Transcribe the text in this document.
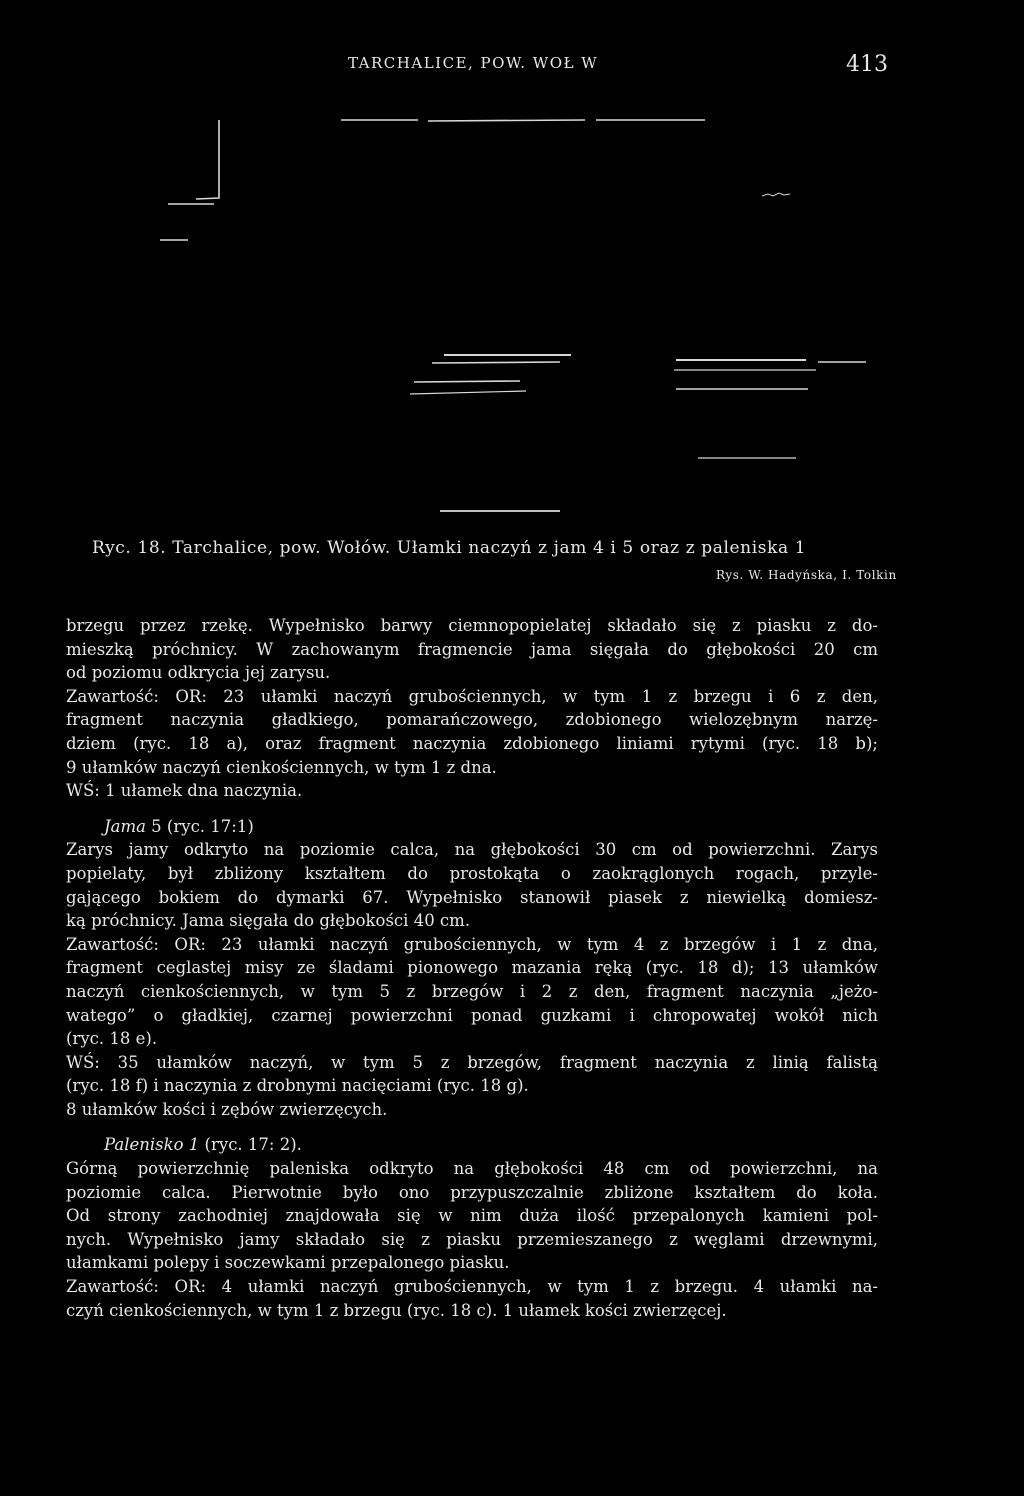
TARCHALICE, POW. WOŁ W	413
Ryc. 18. Tarchalice, pow. Wołów. Ułamki naczyń z jam 4 i 5 oraz z paleniska 1
Rys. W. Hadyńska, I. Tolkin
brzegu przez rzekę. Wypełnisko barwy ciemnopopielatej składało się z piasku z do-
mieszką próchnicy. W zachowanym fragmencie jama sięgała do głębokości 20 cm
od poziomu odkrycia jej zarysu.
Zawartość: OR: 23 ułamki naczyń grubościennych, w tym 1 z brzegu i 6 z den,
fragment naczynia gładkiego, pomarańczowego, zdobionego wielozębnym narzę-
dziem (ryc. 18 a), oraz fragment naczynia zdobionego liniami rytymi (ryc. 18 b);
9 ułamków naczyń cienkościennych, w tym 1 z dna.
WŚ: 1 ułamek dna naczynia.
Jama 5 (ryc. 17:1)
Zarys jamy odkryto na poziomie calca, na głębokości 30 cm od powierzchni. Zarys
popielaty, był zbliżony kształtem do prostokąta o zaokrąglonych rogach, przyle-
gającego bokiem do dymarki 67. Wypełnisko stanowił piasek z niewielką domiesz-
ką próchnicy. Jama sięgała do głębokości 40 cm.
Zawartość: OR: 23 ułamki naczyń grubościennych, w tym 4 z brzegów i 1 z dna,
fragment ceglastej misy ze śladami pionowego mazania ręką (ryc. 18 d); 13 ułamków
naczyń cienkościennych, w tym 5 z brzegów i 2 z den, fragment naczynia „jeżo-
watego” o gładkiej, czarnej powierzchni ponad guzkami i chropowatej wokół nich
(ryc. 18 e).
WŚ: 35 ułamków naczyń, w tym 5 z brzegów, fragment naczynia z linią falistą
(ryc. 18 f) i naczynia z drobnymi nacięciami (ryc. 18 g).
8 ułamków kości i zębów zwierzęcych.
Palenisko 1 (ryc. 17: 2).
Górną powierzchnię paleniska odkryto na głębokości 48 cm od powierzchni, na
poziomie calca. Pierwotnie było ono przypuszczalnie zbliżone kształtem do koła.
Od strony zachodniej znajdowała się w nim duża ilość przepalonych kamieni pol-
nych. Wypełnisko jamy składało się z piasku przemieszanego z węglami drzewnymi,
ułamkami polepy i soczewkami przepalonego piasku.
Zawartość: OR: 4 ułamki naczyń grubościennych, w tym 1 z brzegu. 4 ułamki na-
czyń cienkościennych, w tym 1 z brzegu (ryc. 18 c). 1 ułamek kości zwierzęcej.
